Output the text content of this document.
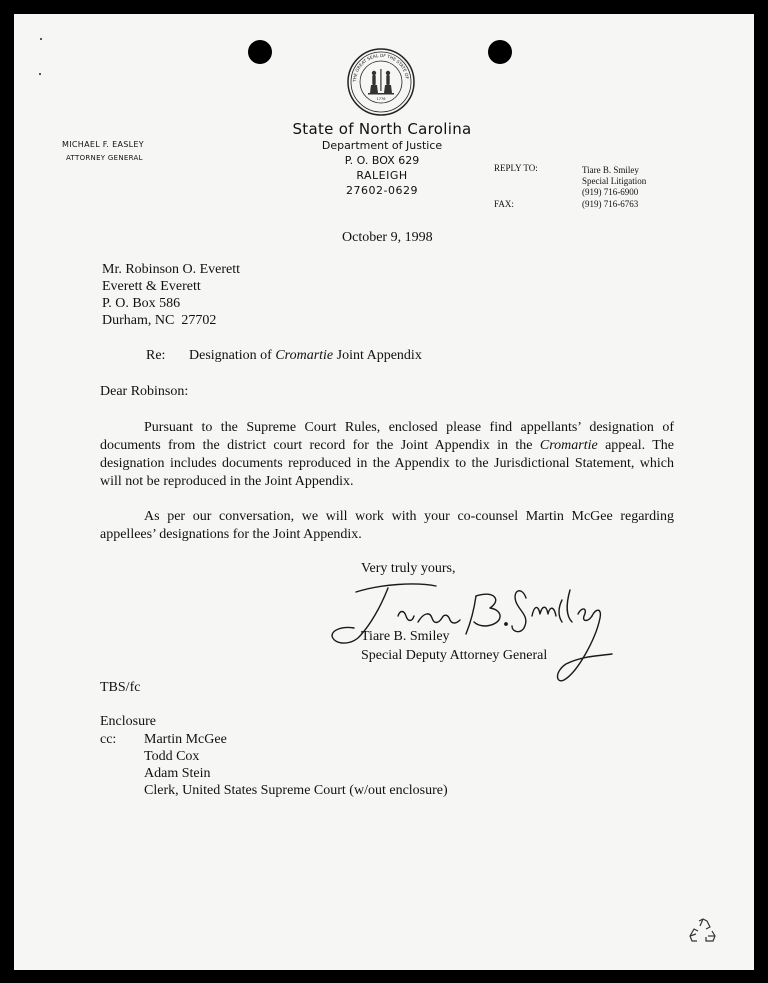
THE GREAT SEAL OF THE STATE OF
1776
State of North Carolina
Department of Justice
P. O. BOX 629
RALEIGH
27602-0629
MICHAEL F. EASLEY
ATTORNEY GENERAL
REPLY TO:	Tiare B. Smiley
Special Litigation
(919) 716-6900
FAX:	(919) 716-6763
October 9, 1998
Mr. Robinson O. Everett
Everett & Everett
P. O. Box 586
Durham, NC  27702
Re: Designation of Cromartie Joint Appendix
Dear Robinson:
Pursuant to the Supreme Court Rules, enclosed please find appellants’ designation of documents from the district court record for the Joint Appendix in the Cromartie appeal. The designation includes documents reproduced in the Appendix to the Jurisdictional Statement, which will not be reproduced in the Joint Appendix.
As per our conversation, we will work with your co-counsel Martin McGee regarding appellees’ designations for the Joint Appendix.
Very truly yours,
Tiare B. Smiley
Special Deputy Attorney General
TBS/fc
Enclosure
cc: Martin McGee
Todd Cox
Adam Stein
Clerk, United States Supreme Court (w/out enclosure)
